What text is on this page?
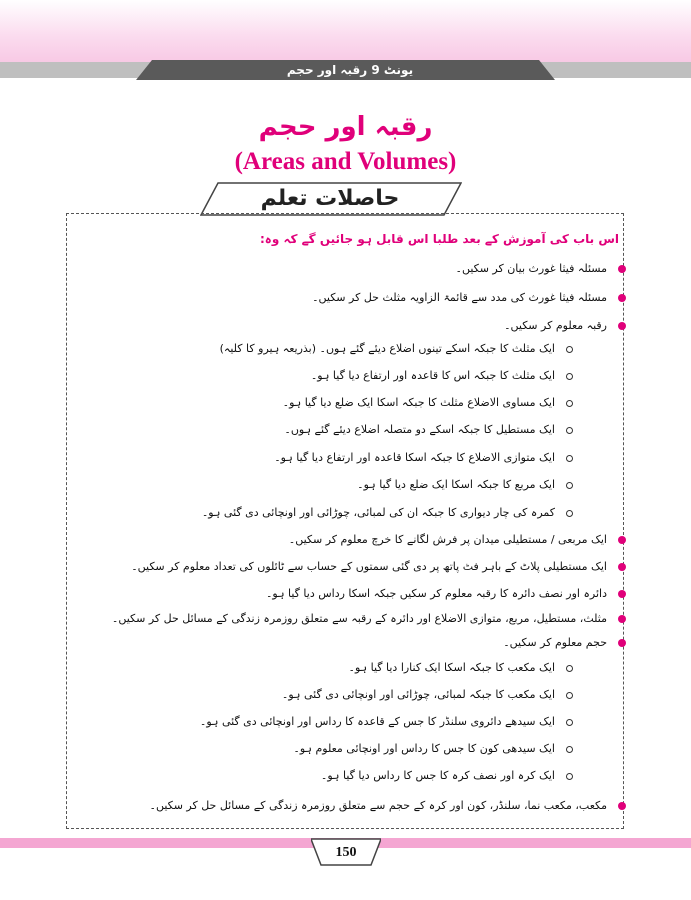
یونٹ 9 رقبہ اور حجم
رقبہ اور حجم
(Areas and Volumes)
حاصلات تعلم
اس باب کی آموزش کے بعد طلبا اس قابل ہو جائیں گے کہ وہ:
مسئلہ فیثا غورث بیان کر سکیں۔
مسئلہ فیثا غورث کی مدد سے قائمۃ الزاویہ مثلث حل کر سکیں۔
رقبہ معلوم کر سکیں۔
ایک مثلث کا جبکہ اسکے تینوں اضلاع دیئے گئے ہوں۔ (بذریعہ ہیرو کا کلیہ)
ایک مثلث کا جبکہ اس کا قاعدہ اور ارتفاع دیا گیا ہو۔
ایک مساوی الاضلاع مثلث کا جبکہ اسکا ایک ضلع دیا گیا ہو۔
ایک مستطیل کا جبکہ اسکے دو متصلہ اضلاع دیئے گئے ہوں۔
ایک متوازی الاضلاع کا جبکہ اسکا قاعدہ اور ارتفاع دیا گیا ہو۔
ایک مربع کا جبکہ اسکا ایک ضلع دیا گیا ہو۔
کمرہ کی چار دیواری کا جبکہ ان کی لمبائی، چوڑائی اور اونچائی دی گئی ہو۔
ایک مربعی / مستطیلی میدان پر فرش لگانے کا خرچ معلوم کر سکیں۔
ایک مستطیلی پلاٹ کے باہر فٹ پاتھ پر دی گئی سمتوں کے حساب سے ٹائلوں کی تعداد معلوم کر سکیں۔
دائرہ اور نصف دائرہ کا رقبہ معلوم کر سکیں جبکہ اسکا رداس دیا گیا ہو۔
مثلث، مستطیل، مربع، متوازی الاضلاع اور دائرہ کے رقبہ سے متعلق روزمرہ زندگی کے مسائل حل کر سکیں۔
حجم معلوم کر سکیں۔
ایک مکعب کا جبکہ اسکا ایک کنارا دیا گیا ہو۔
ایک مکعب کا جبکہ لمبائی، چوڑائی اور اونچائی دی گئی ہو۔
ایک سیدھے دائروی سلنڈر کا جس کے قاعدہ کا رداس اور اونچائی دی گئی ہو۔
ایک سیدھی کون کا جس کا رداس اور اونچائی معلوم ہو۔
ایک کرہ اور نصف کرہ کا جس کا رداس دیا گیا ہو۔
مکعب، مکعب نما، سلنڈر، کون اور کرہ کے حجم سے متعلق روزمرہ زندگی کے مسائل حل کر سکیں۔
150
